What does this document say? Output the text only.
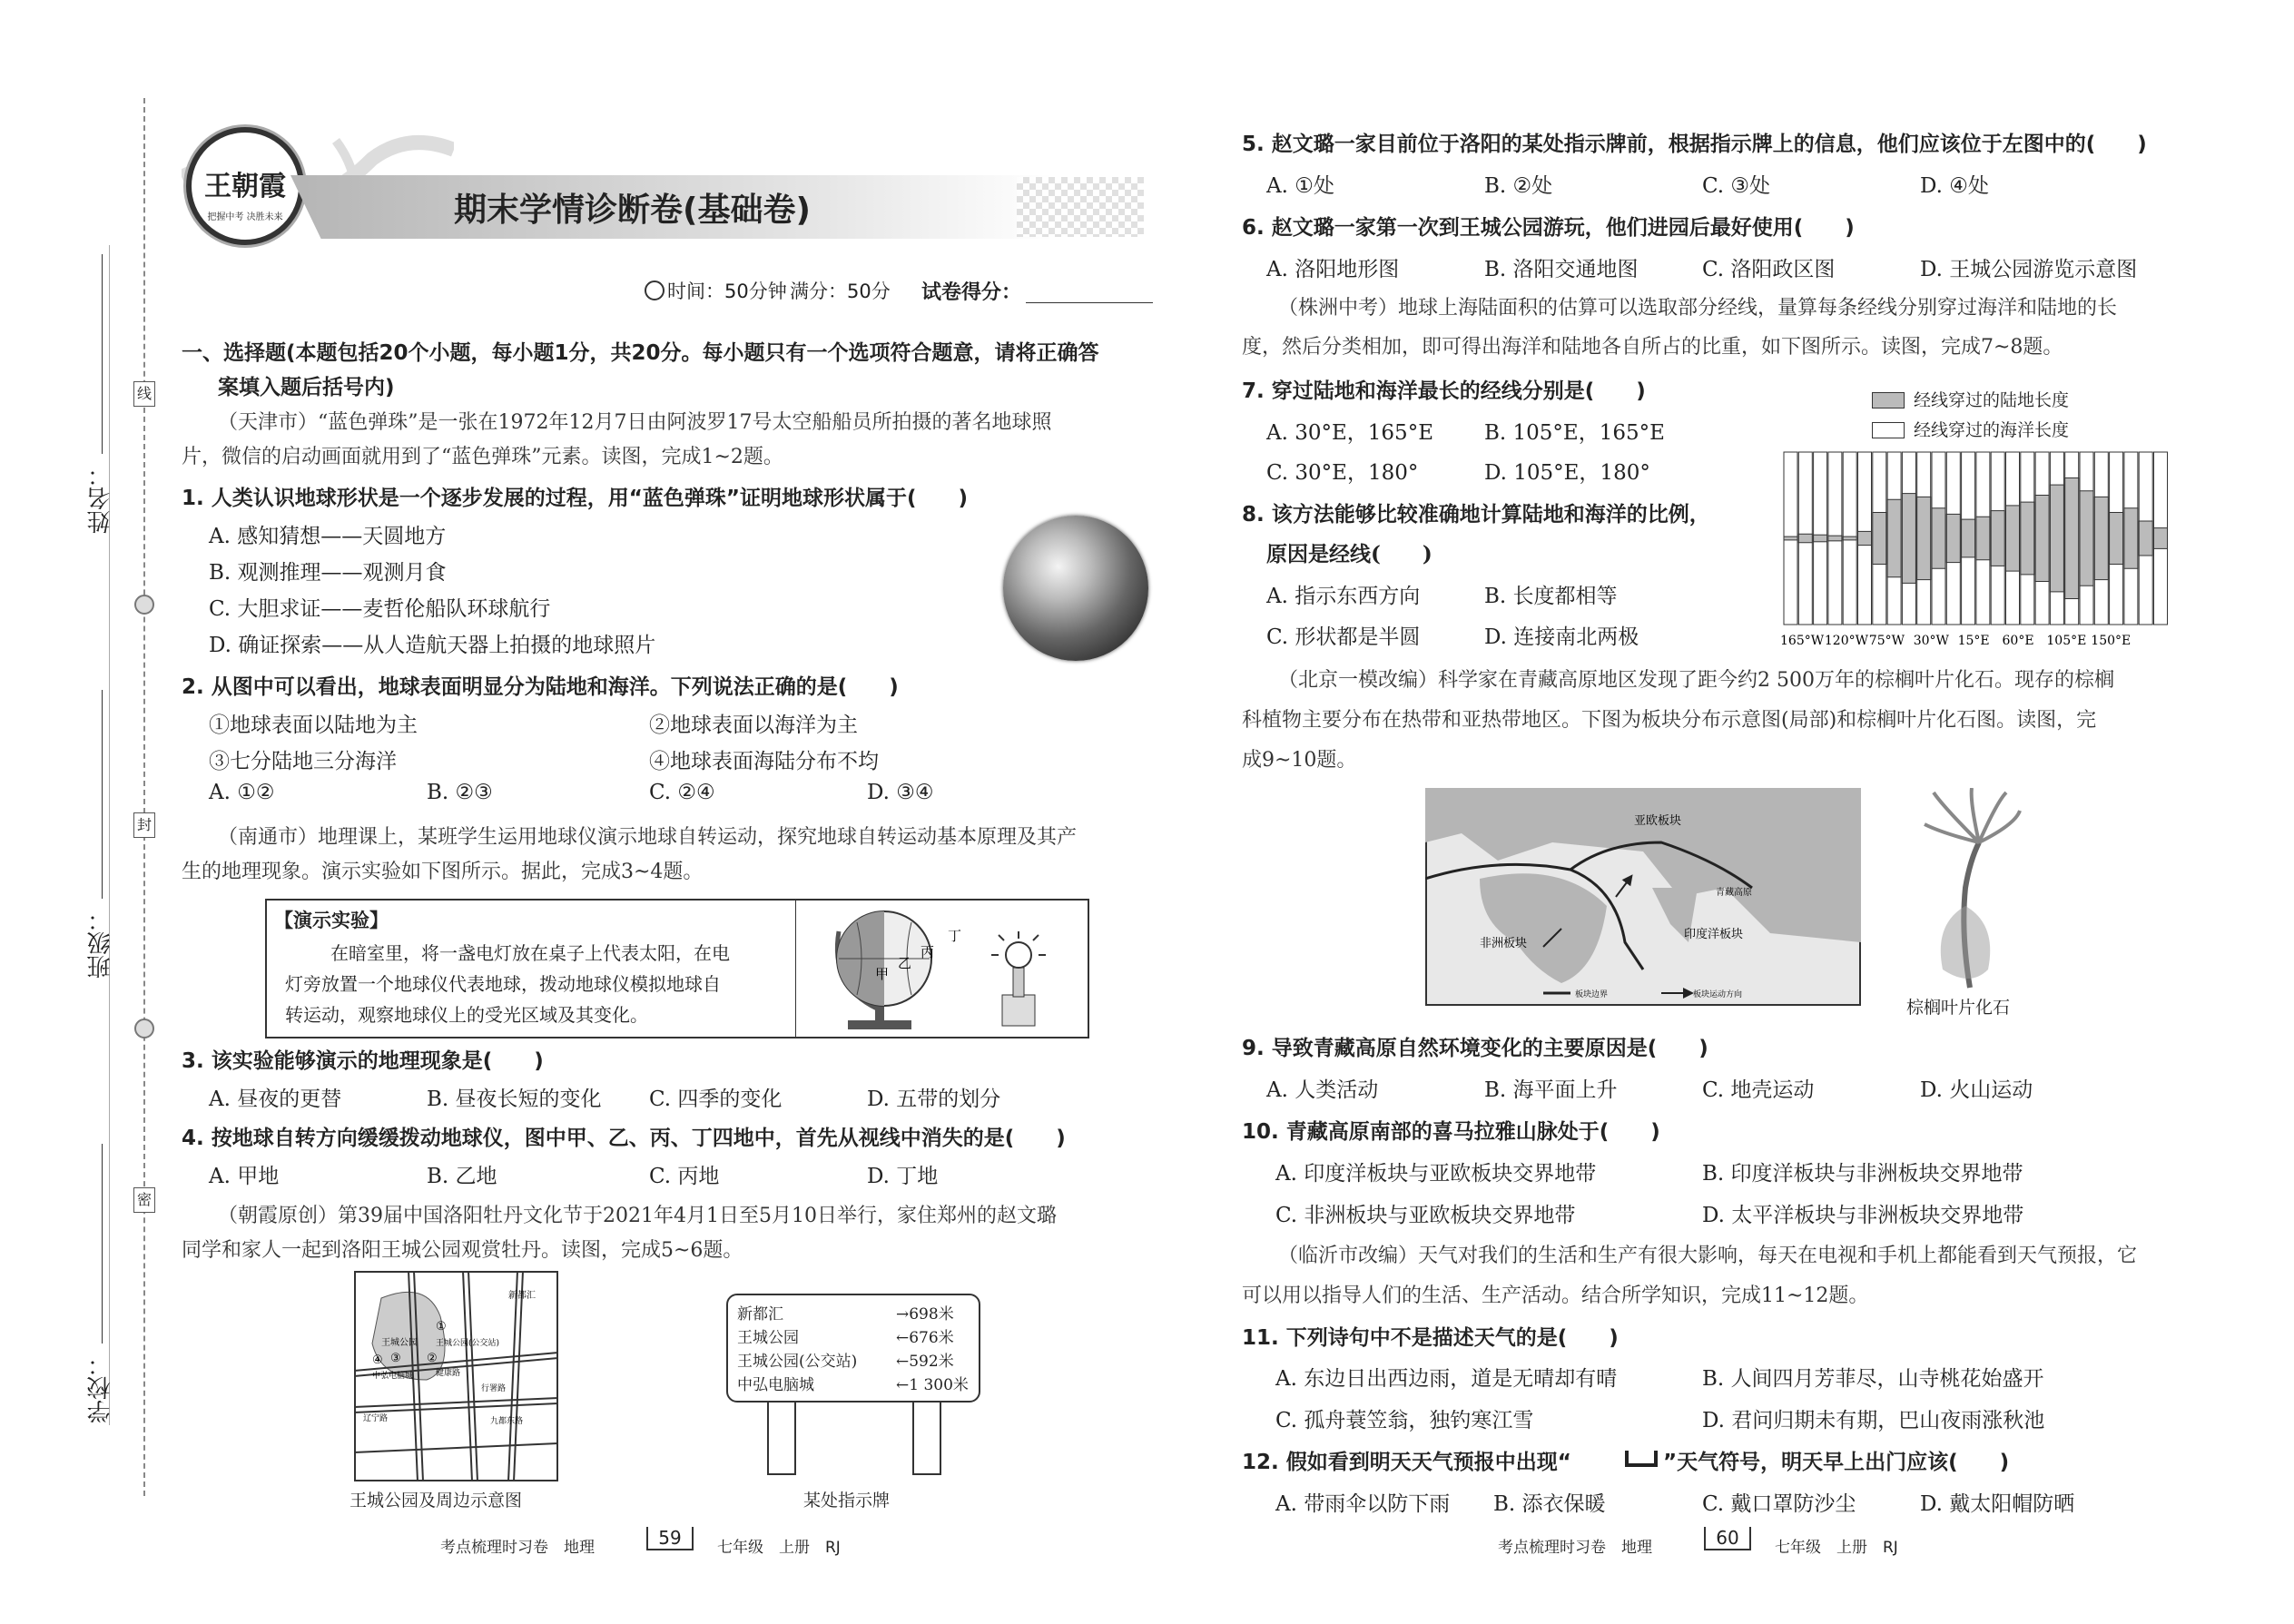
姓名：
班级：
学校：
线
封
密
王朝霞
把握中考 决胜未来	期末学情诊断卷(基础卷)
时间：50分钟 满分：50分 试卷得分：
一、选择题(本题包括20个小题，每小题1分，共20分。每小题只有一个选项符合题意，请将正确答
案填入题后括号内)
（天津市）“蓝色弹珠”是一张在1972年12月7日由阿波罗17号太空船船员所拍摄的著名地球照
片，微信的启动画面就用到了“蓝色弹珠”元素。读图，完成1~2题。
1. 人类认识地球形状是一个逐步发展的过程，用“蓝色弹珠”证明地球形状属于(　　)
A. 感知猜想——天圆地方
B. 观测推理——观测月食
C. 大胆求证——麦哲伦船队环球航行
D. 确证探索——从人造航天器上拍摄的地球照片
2. 从图中可以看出，地球表面明显分为陆地和海洋。下列说法正确的是(　　)
①地球表面以陆地为主	②地球表面以海洋为主
③七分陆地三分海洋	④地球表面海陆分布不均
A. ①②	B. ②③	C. ②④	D. ③④
（南通市）地理课上，某班学生运用地球仪演示地球自转运动，探究地球自转运动基本原理及其产
生的地理现象。演示实验如下图所示。据此，完成3~4题。
【演示实验】
在暗室里，将一盏电灯放在桌子上代表太阳，在电
灯旁放置一个地球仪代表地球，拨动地球仪模拟地球自
转运动，观察地球仪上的受光区域及其变化。
甲
乙
丙
丁
3. 该实验能够演示的地理现象是(　　)
A. 昼夜的更替	B. 昼夜长短的变化 C. 四季的变化	D. 五带的划分
4. 按地球自转方向缓缓拨动地球仪，图中甲、乙、丙、丁四地中，首先从视线中消失的是(　　)
A. 甲地	B. 乙地	C. 丙地	D. 丁地
（朝霞原创）第39届中国洛阳牡丹文化节于2021年4月1日至5月10日举行，家住郑州的赵文璐
同学和家人一起到洛阳王城公园观赏牡丹。读图，完成5~6题。
新都汇
王城公园 王城公园(公交站)
中弘电脑城
行署路
九都东路
健康路
辽宁路
①
②
③
④
王城公园及周边示意图
新都汇	→698米
王城公园	←676米
王城公园(公交站)	←592米
中弘电脑城	←1 300米
某处指示牌
考点梳理时习卷　地理	59	七年级　上册　RJ
5. 赵文璐一家目前位于洛阳的某处指示牌前，根据指示牌上的信息，他们应该位于左图中的(　　)
A. ①处	B. ②处	C. ③处	D. ④处
6. 赵文璐一家第一次到王城公园游玩，他们进园后最好使用(　　)
A. 洛阳地形图	B. 洛阳交通地图	C. 洛阳政区图	D. 王城公园游览示意图
（株洲中考）地球上海陆面积的估算可以选取部分经线，量算每条经线分别穿过海洋和陆地的长
度，然后分类相加，即可得出海洋和陆地各自所占的比重，如下图所示。读图，完成7~8题。
7. 穿过陆地和海洋最长的经线分别是(　　)
A. 30°E，165°E B. 105°E，165°E
C. 30°E，180°	D. 105°E，180°
8. 该方法能够比较准确地计算陆地和海洋的比例，
原因是经线(　　)
A. 指示东西方向	B. 长度都相等
C. 形状都是半圆	D. 连接南北两极
经线穿过的陆地长度
经线穿过的海洋长度
165°W 120°W 75°W 30°W 15°E 60°E 105°E 150°E
（北京一模改编）科学家在青藏高原地区发现了距今约2 500万年的棕榈叶片化石。现存的棕榈
科植物主要分布在热带和亚热带地区。下图为板块分布示意图(局部)和棕榈叶片化石图。读图，完
成9~10题。
亚欧板块
非洲板块
印度洋板块
青藏高原
板块边界	板块运动方向
棕榈叶片化石
9. 导致青藏高原自然环境变化的主要原因是(　　)
A. 人类活动	B. 海平面上升	C. 地壳运动	D. 火山运动
10. 青藏高原南部的喜马拉雅山脉处于(　　)
A. 印度洋板块与亚欧板块交界地带	B. 印度洋板块与非洲板块交界地带
C. 非洲板块与亚欧板块交界地带	D. 太平洋板块与非洲板块交界地带
（临沂市改编）天气对我们的生活和生产有很大影响，每天在电视和手机上都能看到天气预报，它
可以用以指导人们的生活、生产活动。结合所学知识，完成11~12题。
11. 下列诗句中不是描述天气的是(　　)
A. 东边日出西边雨，道是无晴却有晴	B. 人间四月芳菲尽，山寺桃花始盛开
C. 孤舟蓑笠翁，独钓寒江雪	D. 君问归期未有期，巴山夜雨涨秋池
12. 假如看到明天天气预报中出现“	”天气符号，明天早上出门应该(　　)
A. 带雨伞以防下雨 B. 添衣保暖	C. 戴口罩防沙尘	D. 戴太阳帽防晒
考点梳理时习卷　地理	60	七年级　上册　RJ
